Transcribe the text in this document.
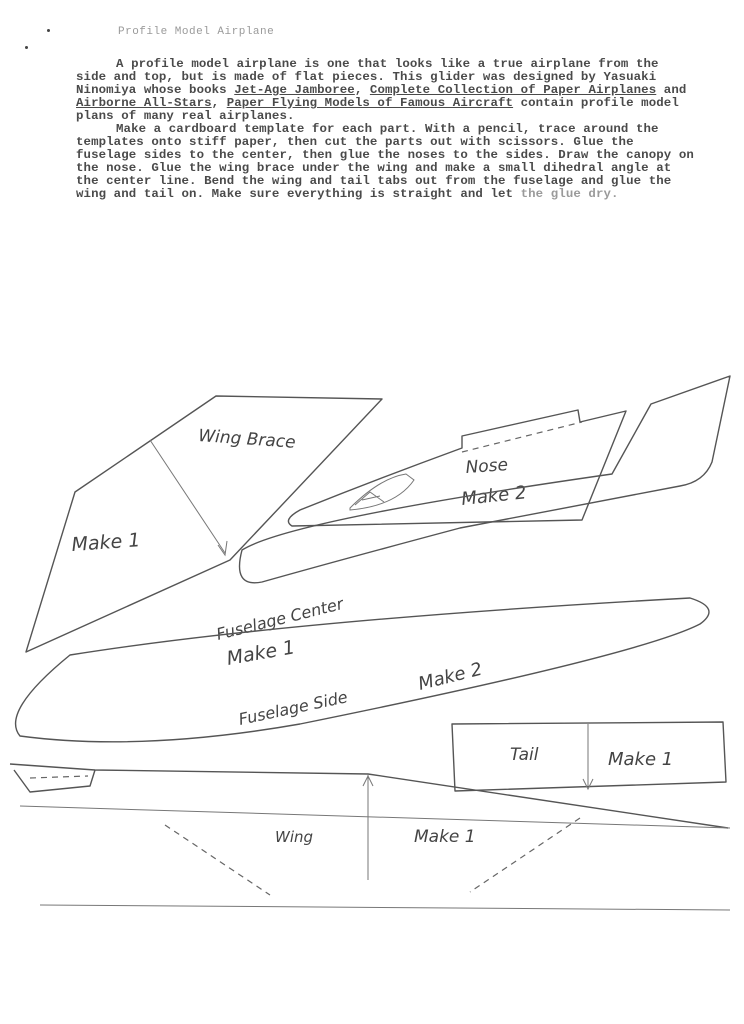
Profile Model Airplane

A profile model airplane is one that looks like a true airplane from the side and top, but is made of flat pieces. This glider was designed by Yasuaki Ninomiya whose books Jet-Age Jamboree, Complete Collection of Paper Airplanes and Airborne All-Stars, Paper Flying Models of Famous Aircraft contain profile model plans of many real airplanes.

Make a cardboard template for each part. With a pencil, trace around the templates onto stiff paper, then cut the parts out with scissors. Glue the fuselage sides to the center, then glue the noses to the sides. Draw the canopy on the nose. Glue the wing brace under the wing and make a small dihedral angle at the center line. Bend the wing and tail tabs out from the fuselage and glue the wing and tail on. Make sure everything is straight and let the glue dry.

Wing Brace
Make 1
Nose
Make 2
Fuselage Center
Make 1
Fuselage Side
Make 2
Tail	Make 1
Wing	Make 1
